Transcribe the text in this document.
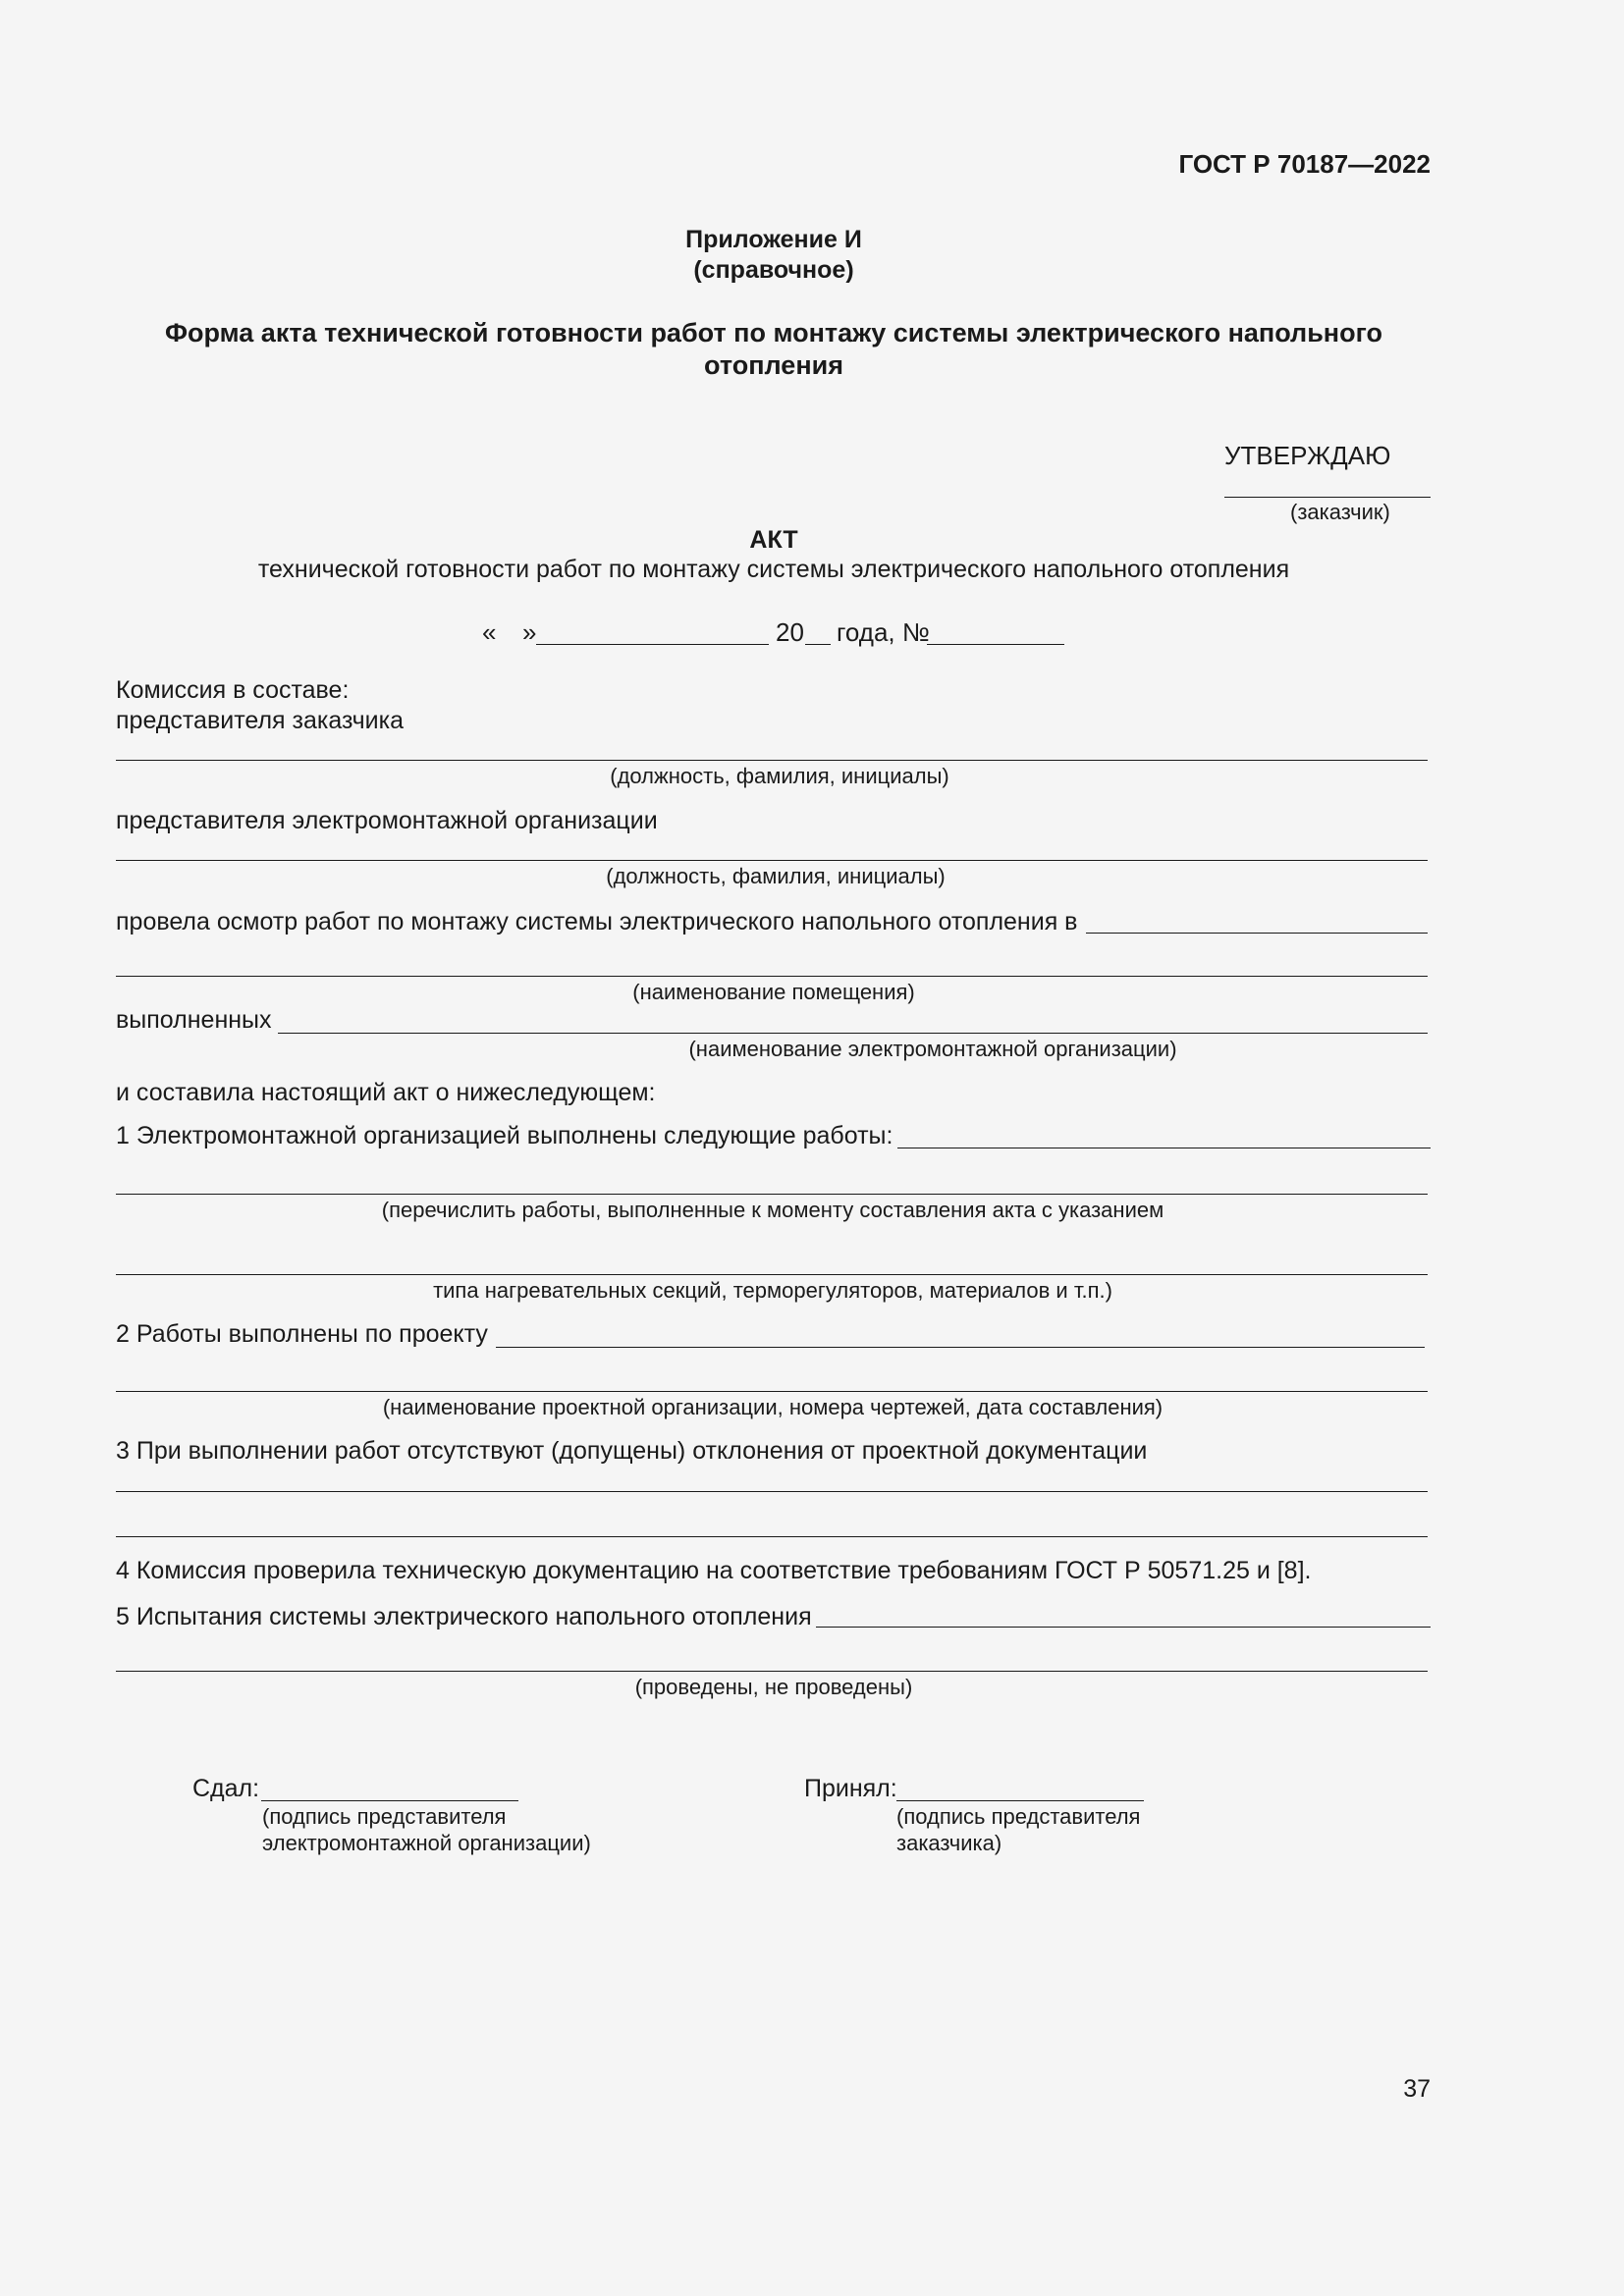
ГОСТ Р 70187—2022
Приложение И
(справочное)
Форма акта технической готовности работ по монтажу системы электрического напольного
отопления
УТВЕРЖДАЮ
(заказчик)
АКТ
технической готовности работ по монтажу системы электрического напольного отопления
« »	20 года, №
Комиссия в составе:
представителя заказчика
(должность, фамилия, инициалы)
представителя электромонтажной организации
(должность, фамилия, инициалы)
провела осмотр работ по монтажу системы электрического напольного отопления в
(наименование помещения)
выполненных
(наименование электромонтажной организации)
и составила настоящий акт о нижеследующем:
1 Электромонтажной организацией выполнены следующие работы:
(перечислить работы, выполненные к моменту составления акта с указанием
типа нагревательных секций, терморегуляторов, материалов и т.п.)
2 Работы выполнены по проекту
(наименование проектной организации, номера чертежей, дата составления)
3 При выполнении работ отсутствуют (допущены) отклонения от проектной документации
4 Комиссия проверила техническую документацию на соответствие требованиям ГОСТ Р 50571.25 и [8].
5 Испытания системы электрического напольного отопления
(проведены, не проведены)
Сдал:
(подпись представителя
электромонтажной организации)
Принял:
(подпись представителя
заказчика)
37
